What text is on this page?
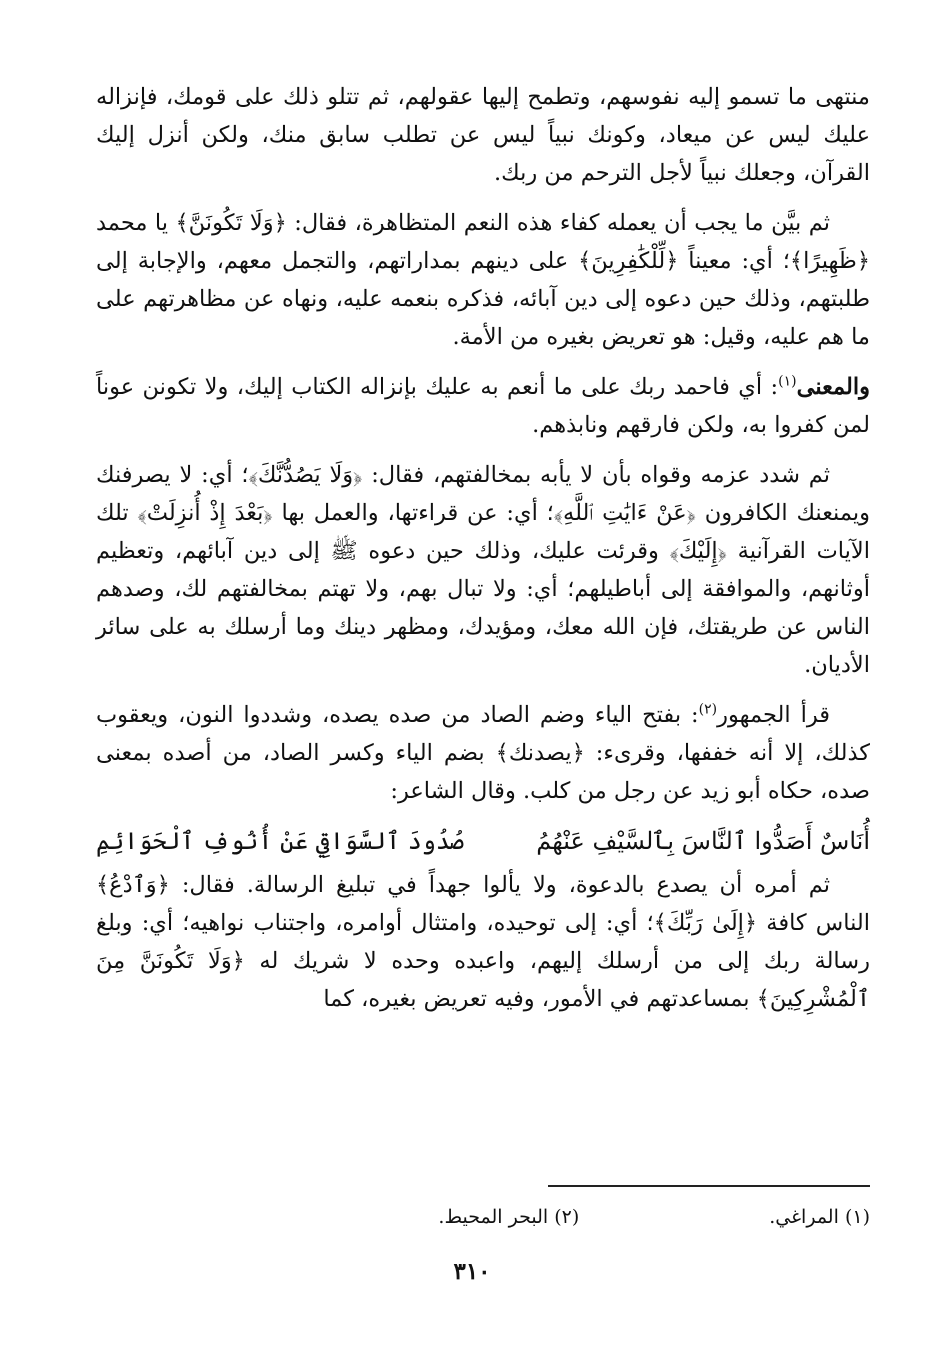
منتهى ما تسمو إليه نفوسهم، وتطمح إليها عقولهم، ثم تتلو ذلك على قومك، فإنزاله عليك ليس عن ميعاد، وكونك نبياً ليس عن تطلب سابق منك، ولكن أنزل إليك القرآن، وجعلك نبياً لأجل الترحم من ربك.

ثم بيَّن ما يجب أن يعمله كفاء هذه النعم المتظاهرة، فقال: ﴿وَلَا تَكُونَنَّ﴾ يا محمد ﴿ظَهِيرًا﴾؛ أي: معيناً ﴿لِّلْكَٰفِرِينَ﴾ على دينهم بمداراتهم، والتجمل معهم، والإجابة إلى طلبتهم، وذلك حين دعوه إلى دين آبائه، فذكره بنعمه عليه، ونهاه عن مظاهرتهم على ما هم عليه، وقيل: هو تعريض بغيره من الأمة.

والمعنى$^{(١)}$: أي فاحمد ربك على ما أنعم به عليك بإنزاله الكتاب إليك، ولا تكونن عوناً لمن كفروا به، ولكن فارقهم ونابذهم.

ثم شدد عزمه وقواه بأن لا يأبه بمخالفتهم، فقال: ﴿وَلَا يَصُدُّنَّكَ﴾؛ أي: لا يصرفنك ويمنعنك الكافرون ﴿عَنْ ءَايَٰتِ ٱللَّهِ﴾؛ أي: عن قراءتها، والعمل بها ﴿بَعْدَ إِذْ أُنزِلَتْ﴾ تلك الآيات القرآنية ﴿إِلَيْكَ﴾ وقرئت عليك، وذلك حين دعوه ﷺ إلى دين آبائهم، وتعظيم أوثانهم، والموافقة إلى أباطيلهم؛ أي: ولا تبال بهم، ولا تهتم بمخالفتهم لك، وصدهم الناس عن طريقتك، فإن الله معك، ومؤيدك، ومظهر دينك وما أرسلك به على سائر الأديان.

قرأ الجمهور$^{(٢)}$: بفتح الياء وضم الصاد من صده يصده، وشددوا النون، ويعقوب كذلك، إلا أنه خففها، وقرىء: ﴿يصدنك﴾ بضم الياء وكسر الصاد، من أصده بمعنى صده، حكاه أبو زيد عن رجل من كلب. وقال الشاعر:

أُنَاسٌ أَصَدُّوا ٱلنَّاسَ بِٱلسَّيْفِ عَنْهُمُ
صُدُودَ ٱلسَّوَاقِي عَنْ أُنُوفِ ٱلْحَوَائِمِ

ثم أمره أن يصدع بالدعوة، ولا يألوا جهداً في تبليغ الرسالة. فقال: ﴿وَٱدْعُ﴾ الناس كافة ﴿إِلَىٰ رَبِّكَ﴾؛ أي: إلى توحيده، وامتثال أوامره، واجتناب نواهيه؛ أي: وبلغ رسالة ربك إلى من أرسلك إليهم، واعبده وحده لا شريك له ﴿وَلَا تَكُونَنَّ مِنَ ٱلْمُشْرِكِينَ﴾ بمساعدتهم في الأمور، وفيه تعريض بغيره، كما

(١) المراغي.
(٢) البحر المحيط.
٣١٠
